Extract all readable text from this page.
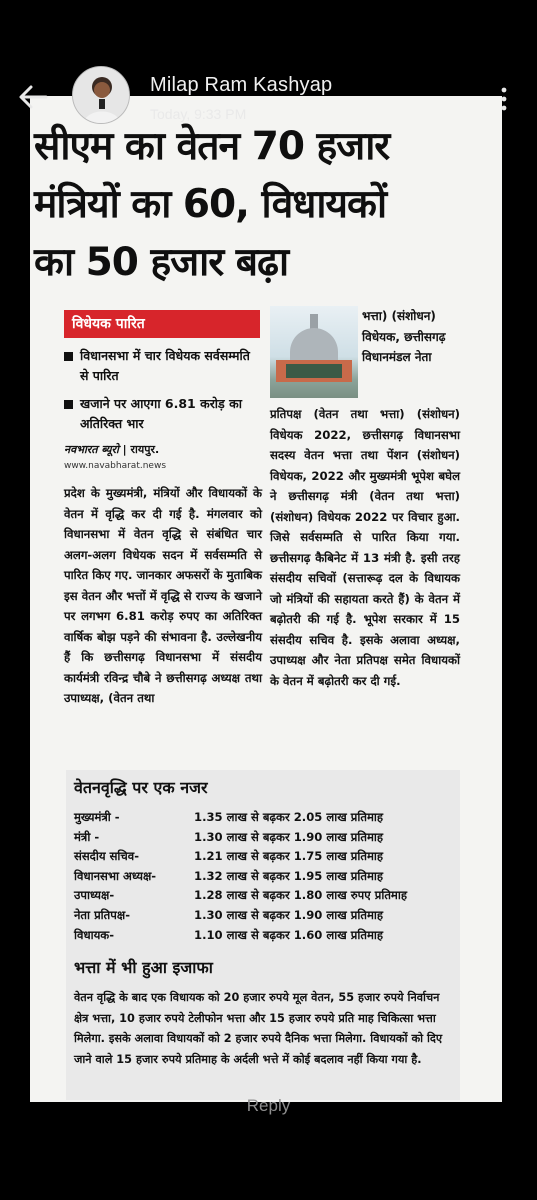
सीएम का वेतन 70 हजार
मंत्रियों का 60, विधायकों
का 50 हजार बढ़ा
विधेयक पारित
विधानसभा में चार विधेयक सर्वसम्मति से पारित
खजाने पर आएगा 6.81 करोड़ का अतिरिक्त भार
नवभारत ब्यूरो | रायपुर.
www.navabharat.news
प्रदेश के मुख्यमंत्री, मंत्रियों और विधायकों के वेतन में वृद्धि कर दी गई है. मंगलवार को विधानसभा में वेतन वृद्धि से संबंधित चार अलग-अलग विधेयक सदन में सर्वसम्मति से पारित किए गए. जानकार अफसरों के मुताबिक इस वेतन और भत्तों में वृद्धि से राज्य के खजाने पर लगभग 6.81 करोड़ रुपए का अतिरिक्त वार्षिक बोझ पड़ने की संभावना है. उल्लेखनीय हैं कि छत्तीसगढ़ विधानसभा में संसदीय कार्यमंत्री रविन्द्र चौबे ने छत्तीसगढ़ अध्यक्ष तथा उपाध्यक्ष, (वेतन तथा
भत्ता) (संशोधन) विधेयक, छत्तीसगढ़ विधानमंडल नेता
प्रतिपक्ष (वेतन तथा भत्ता) (संशोधन) विधेयक 2022, छत्तीसगढ़ विधानसभा सदस्य वेतन भत्ता तथा पेंशन (संशोधन) विधेयक, 2022 और मुख्यमंत्री भूपेश बघेल ने छत्तीसगढ़ मंत्री (वेतन तथा भत्ता) (संशोधन) विधेयक 2022 पर विचार हुआ. जिसे सर्वसम्मति से पारित किया गया. छत्तीसगढ़ कैबिनेट में 13 मंत्री है. इसी तरह संसदीय सचिवों (सत्तारूढ़ दल के विधायक जो मंत्रियों की सहायता करते हैं) के वेतन में बढ़ोतरी की गई है. भूपेश सरकार में 15 संसदीय सचिव है. इसके अलावा अध्यक्ष, उपाध्यक्ष और नेता प्रतिपक्ष समेत विधायकों के वेतन में बढ़ोतरी कर दी गई.
वेतनवृद्धि पर एक नजर
मुख्यमंत्री -	1.35 लाख से बढ़कर 2.05 लाख प्रतिमाह
मंत्री -	1.30 लाख से बढ़कर 1.90 लाख प्रतिमाह
संसदीय सचिव-	1.21 लाख से बढ़कर 1.75 लाख प्रतिमाह
विधानसभा अध्यक्ष-	1.32 लाख से बढ़कर 1.95 लाख प्रतिमाह
उपाध्यक्ष-	1.28 लाख से बढ़कर 1.80 लाख रुपए प्रतिमाह
नेता प्रतिपक्ष-	1.30 लाख से बढ़कर 1.90 लाख प्रतिमाह
विधायक-	1.10 लाख से बढ़कर 1.60 लाख प्रतिमाह
भत्ता में भी हुआ इजाफा
वेतन वृद्धि के बाद एक विधायक को 20 हजार रुपये मूल वेतन, 55 हजार रुपये निर्वाचन क्षेत्र भत्ता, 10 हजार रुपये टेलीफोन भत्ता और 15 हजार रुपये प्रति माह चिकित्सा भत्ता मिलेगा. इसके अलावा विधायकों को 2 हजार रुपये दैनिक भत्ता मिलेगा. विधायकों को दिए जाने वाले 15 हजार रुपये प्रतिमाह के अर्दली भत्ते में कोई बदलाव नहीं किया गया है.
Milap Ram Kashyap
Today, 9:33 PM
Reply
